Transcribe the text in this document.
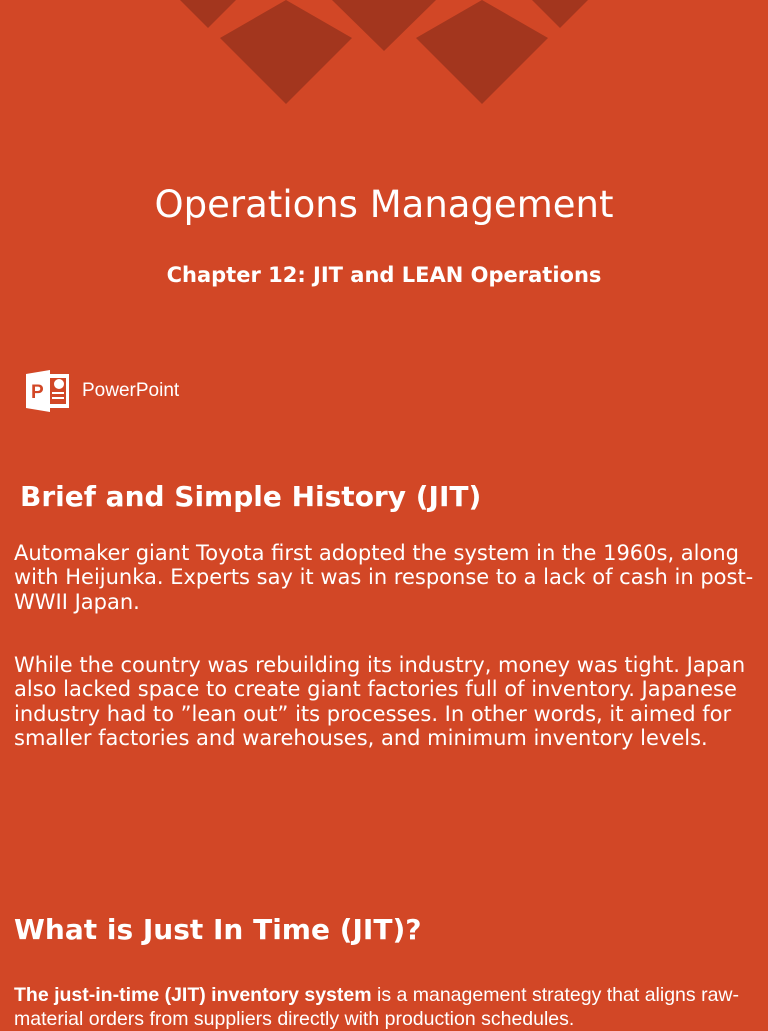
Operations Management
Chapter 12: JIT and LEAN Operations
P PowerPoint
Brief and Simple History (JIT)

Automaker giant Toyota first adopted the system in the 1960s, along with Heijunka. Experts say it was in response to a lack of cash in post-WWII Japan.

While the country was rebuilding its industry, money was tight. Japan also lacked space to create giant factories full of inventory. Japanese industry had to ”lean out” its processes. In other words, it aimed for smaller factories and warehouses, and minimum inventory levels.

What is Just In Time (JIT)?

The just-in-time (JIT) inventory system is a management strategy that aligns raw-material orders from suppliers directly with production schedules.
